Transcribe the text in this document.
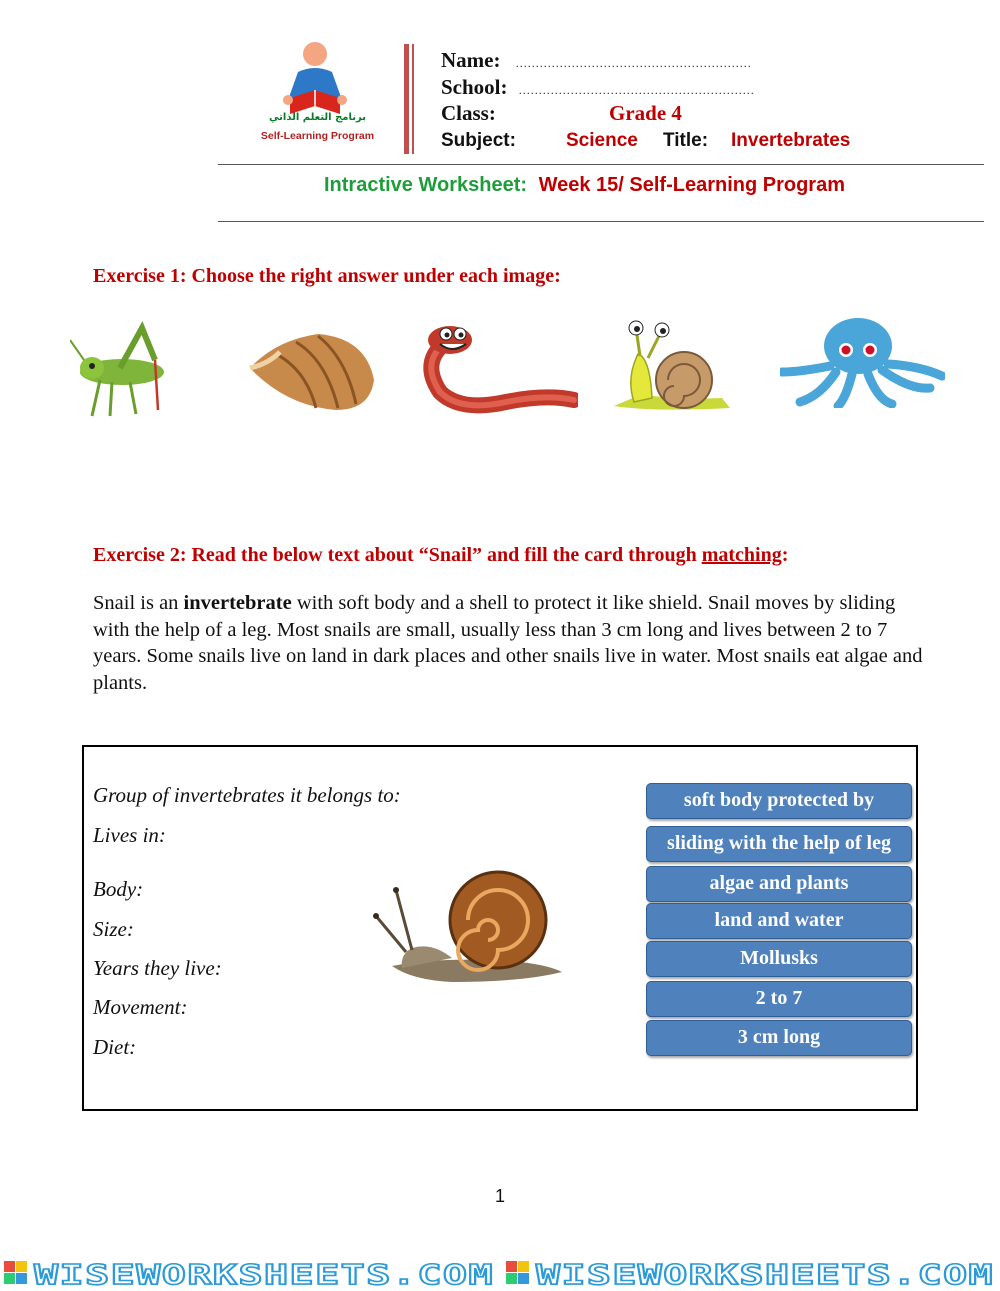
برنامج التعلم الذاتي
Self-Learning Program
Name: ...........................................................
School: ...........................................................
Class:	Grade 4
Subject:	Science Title: Invertebrates
Intractive Worksheet: Week 15/ Self-Learning Program
Exercise 1: Choose the right answer under each image:
Exercise 2: Read the below text about “Snail” and fill the card through matching:
Snail is an invertebrate with soft body and a shell to protect it like shield. Snail moves by sliding with the help of a leg. Most snails are small, usually less than 3 cm long and lives between 2 to 7 years. Some snails live on land in dark places and other snails live in water. Most snails eat algae and plants.
Group of invertebrates it belongs to:
Lives in:
Body:
Size:
Years they live:
Movement:
Diet:
soft body protected by
sliding with the help of leg
algae and plants
land and water
Mollusks
2 to 7
3 cm long
1
WISEWORKSHEETS.COM WISEWORKSHEETS.COM
